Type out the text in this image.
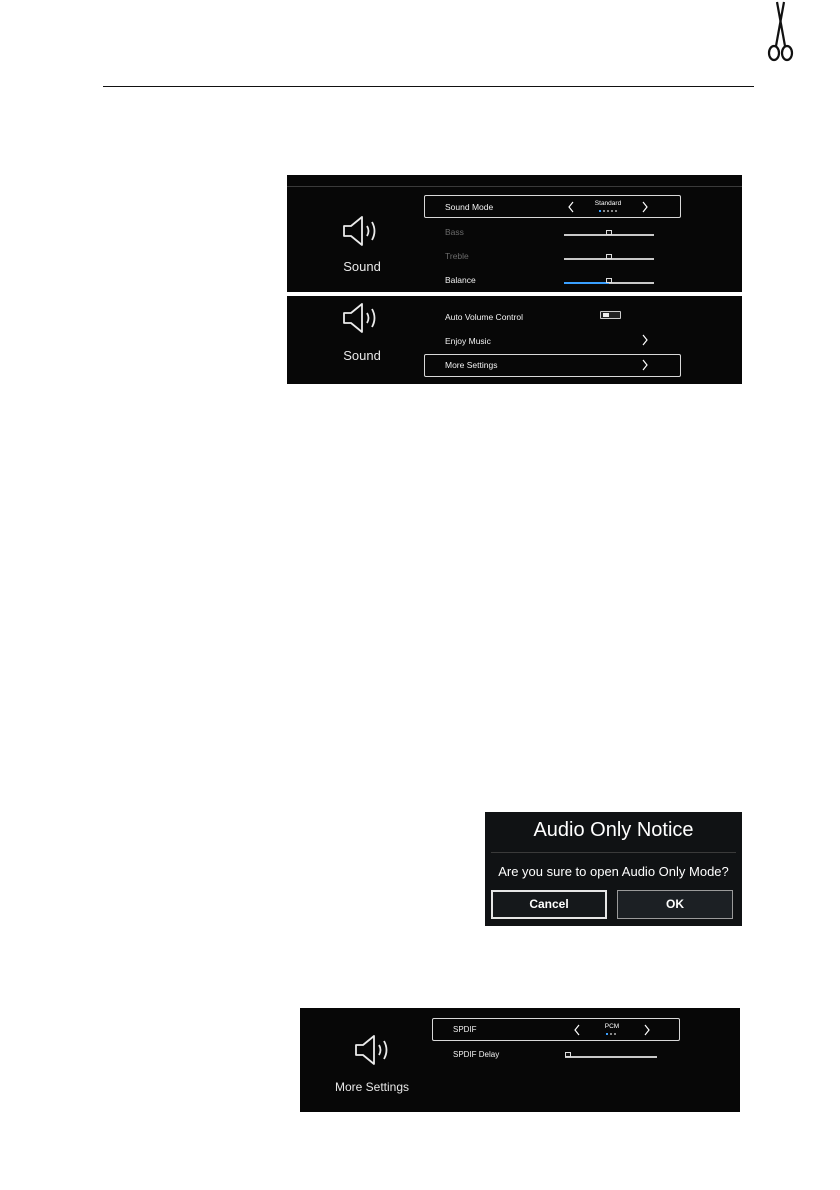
Sound
Sound Mode	Standard
Bass
Treble
Balance
Sound
Auto Volume Control
Enjoy Music
More Settings
Audio Only Notice
Are you sure to open Audio Only Mode?
Cancel	OK
More Settings
SPDIF	PCM
SPDIF Delay
